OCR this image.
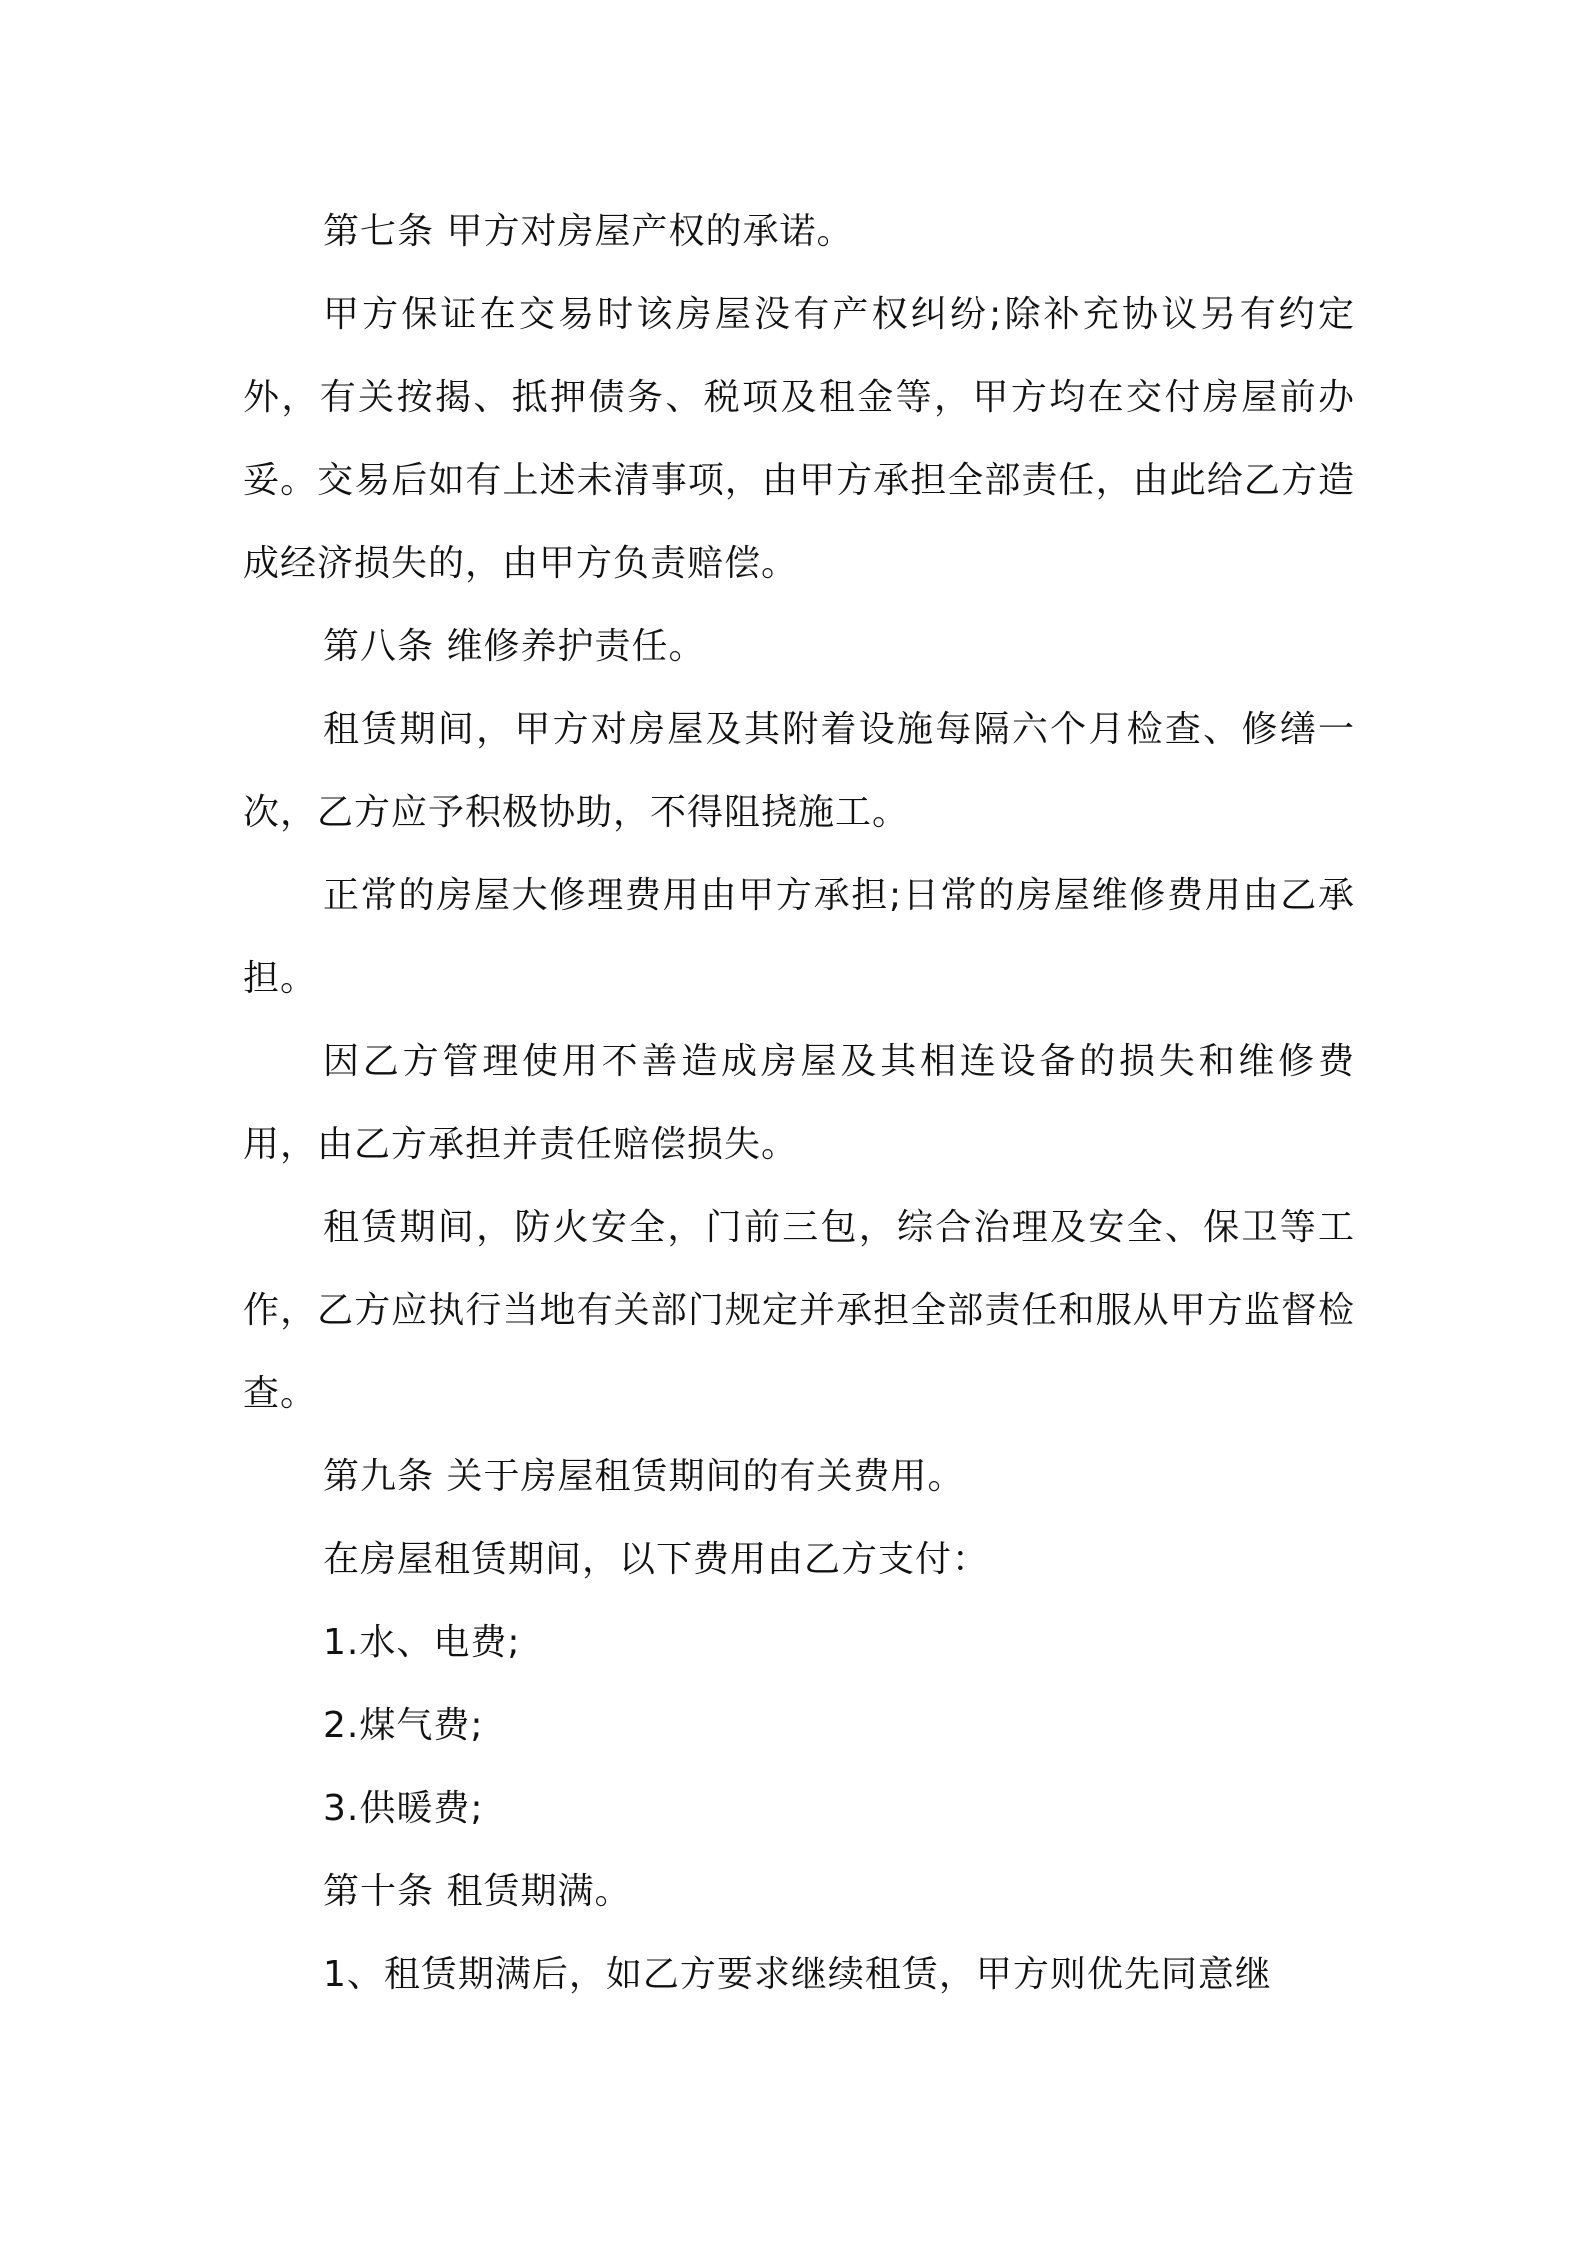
第七条 甲方对房屋产权的承诺。

甲方保证在交易时该房屋没有产权纠纷;除补充协议另有约定外，有关按揭、抵押债务、税项及租金等，甲方均在交付房屋前办妥。交易后如有上述未清事项，由甲方承担全部责任，由此给乙方造成经济损失的，由甲方负责赔偿。

第八条 维修养护责任。

租赁期间，甲方对房屋及其附着设施每隔六个月检查、修缮一次，乙方应予积极协助，不得阻挠施工。

正常的房屋大修理费用由甲方承担;日常的房屋维修费用由乙承担。

因乙方管理使用不善造成房屋及其相连设备的损失和维修费用，由乙方承担并责任赔偿损失。

租赁期间，防火安全，门前三包，综合治理及安全、保卫等工作，乙方应执行当地有关部门规定并承担全部责任和服从甲方监督检查。

第九条 关于房屋租赁期间的有关费用。

在房屋租赁期间，以下费用由乙方支付：

1.水、电费;

2.煤气费;

3.供暖费;

第十条 租赁期满。

1、租赁期满后，如乙方要求继续租赁，甲方则优先同意继
